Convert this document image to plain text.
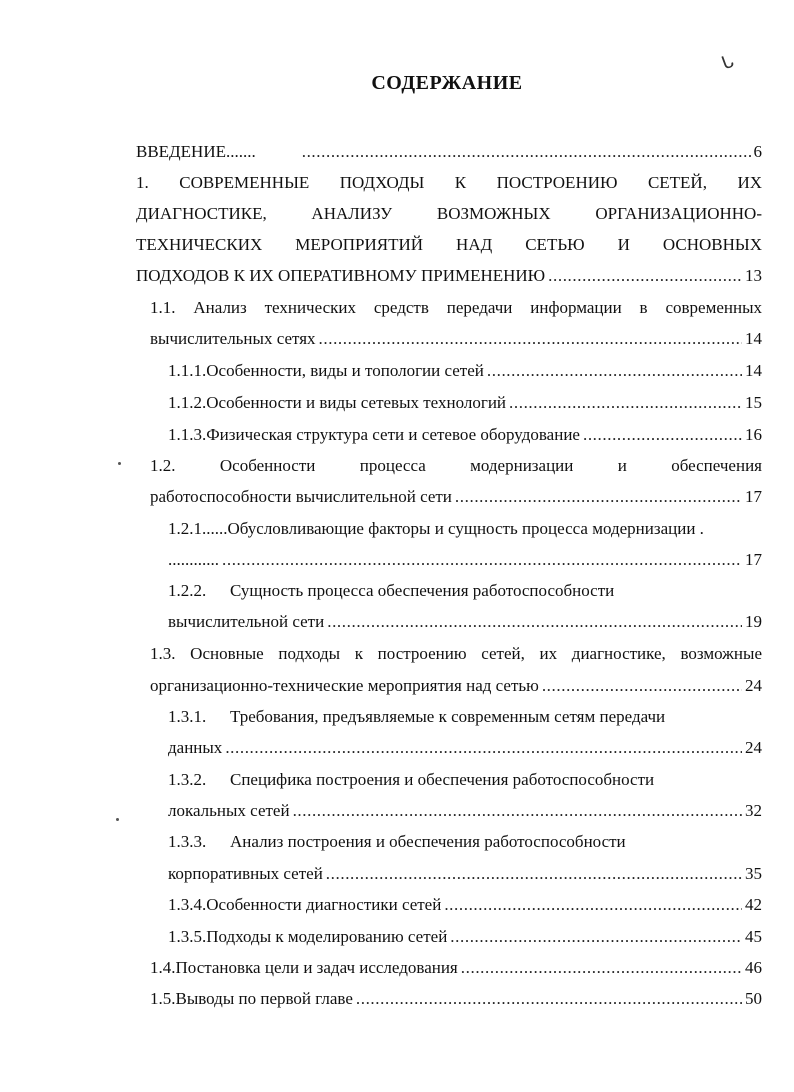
ᒐ
СОДЕРЖАНИЕ
ВВЕДЕНИЕ....... .....	6
1. СОВРЕМЕННЫЕ ПОДХОДЫ К ПОСТРОЕНИЮ СЕТЕЙ, ИХ
ДИАГНОСТИКЕ, АНАЛИЗУ ВОЗМОЖНЫХ ОРГАНИЗАЦИОННО-
ТЕХНИЧЕСКИХ МЕРОПРИЯТИЙ НАД СЕТЬЮ И ОСНОВНЫХ
ПОДХОДОВ К ИХ ОПЕРАТИВНОМУ ПРИМЕНЕНИЮ .....	13
1.1. Анализ технических средств передачи информации в современных
вычислительных сетях .....	14
1.1.1. Особенности, виды и топологии сетей .....	14
1.1.2. Особенности и виды сетевых технологий .....	15
1.1.3. Физическая структура сети и сетевое оборудование .....	16
1.2. Особенности процесса модернизации и обеспечения
работоспособности вычислительной сети .....	17
1.2.1......Обусловливающие факторы и сущность процесса модернизации .
............ .....	17
1.2.2.	Сущность процесса обеспечения работоспособности
вычислительной сети .....	19
1.3. Основные подходы к построению сетей, их диагностике, возможные
организационно-технические мероприятия над сетью .....	24
1.3.1.	Требования, предъявляемые к современным сетям передачи
данных .....	24
1.3.2.	Специфика построения и обеспечения работоспособности
локальных сетей .....	32
1.3.3.	Анализ построения и обеспечения работоспособности
корпоративных сетей .....	35
1.3.4. Особенности диагностики сетей .....	42
1.3.5. Подходы к моделированию сетей .....	45
1.4. Постановка цели и задач исследования .....	46
1.5. Выводы по первой главе .....	50
